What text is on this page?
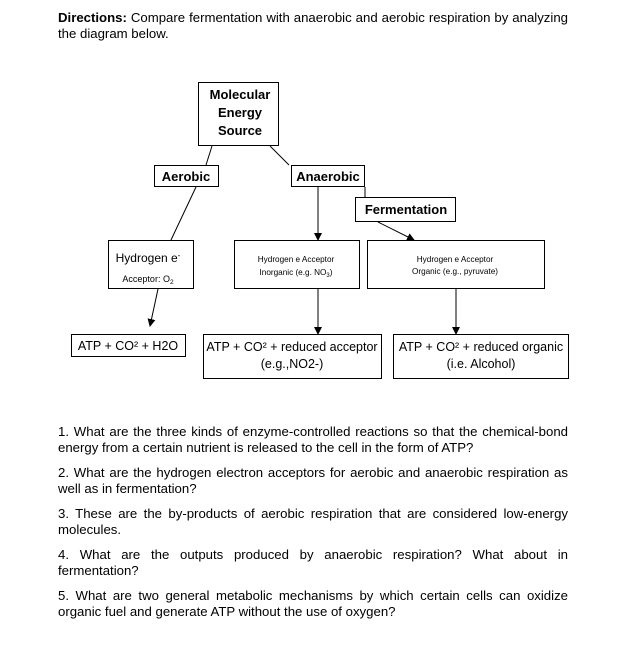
Directions: Compare fermentation with anaerobic and aerobic respiration by analyzing the diagram below.
Molecular
Energy
Source
Aerobic	Anaerobic
Fermentation
Hydrogen e-
Acceptor: $O_2$
Hydrogen e Acceptor
Inorganic (e.g. $NO_3$)
Hydrogen e Acceptor
Organic (e.g., pyruvate)
ATP + CO² + H2O ATP + CO² + reduced acceptor
(e.g.,NO2-)
ATP + CO² + reduced organic
(i.e. Alcohol)

1. What are the three kinds of enzyme-controlled reactions so that the chemical-bond energy from a certain nutrient is released to the cell in the form of ATP?

2. What are the hydrogen electron acceptors for aerobic and anaerobic respiration as well as in fermentation?

3. These are the by-products of aerobic respiration that are considered low-energy molecules.

4. What are the outputs produced by anaerobic respiration? What about in fermentation?

5. What are two general metabolic mechanisms by which certain cells can oxidize organic fuel and generate ATP without the use of oxygen?
